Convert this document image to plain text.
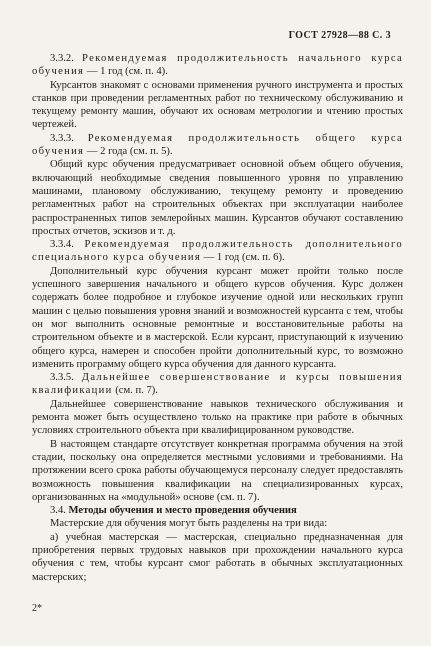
ГОСТ 27928—88 С. 3

3.3.2. Рекомендуемая продолжительность начального курса обучения — 1 год (см. п. 4).

Курсантов знакомят с основами применения ручного инструмента и простых станков при проведении регламентных работ по техническому обслуживанию и текущему ремонту машин, обучают их основам метрологии и чтению простых чертежей.

3.3.3. Рекомендуемая продолжительность общего курса обучения — 2 года (см. п. 5).

Общий курс обучения предусматривает основной объем общего обучения, включающий необходимые сведения повышенного уровня по управлению машинами, плановому обслуживанию, текущему ремонту и проведению регламентных работ на строительных объектах при эксплуатации наиболее распространенных типов землеройных машин. Курсантов обучают составлению простых отчетов, эскизов и т. д.

3.3.4. Рекомендуемая продолжительность дополнительного специального курса обучения — 1 год (см. п. 6).

Дополнительный курс обучения курсант может пройти только после успешного завершения начального и общего курсов обучения. Курс должен содержать более подробное и глубокое изучение одной или нескольких групп машин с целью повышения уровня знаний и возможностей курсанта с тем, чтобы он мог выполнить основные ремонтные и восстановительные работы на строительном объекте и в мастерской. Если курсант, приступающий к изучению общего курса, намерен и способен пройти дополнительный курс, то возможно изменить программу общего курса обучения для данного курсанта.

3.3.5. Дальнейшее совершенствование и курсы повышения квалификации (см. п. 7).

Дальнейшее совершенствование навыков технического обслуживания и ремонта может быть осуществлено только на практике при работе в обычных условиях строительного объекта при квалифицированном руководстве.

В настоящем стандарте отсутствует конкретная программа обучения на этой стадии, поскольку она определяется местными условиями и требованиями. На протяжении всего срока работы обучающемуся персоналу следует предоставлять возможность повышения квалификации на специализированных курсах, организованных на «модульной» основе (см. п. 7).

3.4. Методы обучения и место проведения обучения

Мастерские для обучения могут быть разделены на три вида:

а) учебная мастерская — мастерская, специально предназначенная для приобретения первых трудовых навыков при прохождении начального курса обучения с тем, чтобы курсант смог работать в обычных эксплуатационных мастерских;

2*
